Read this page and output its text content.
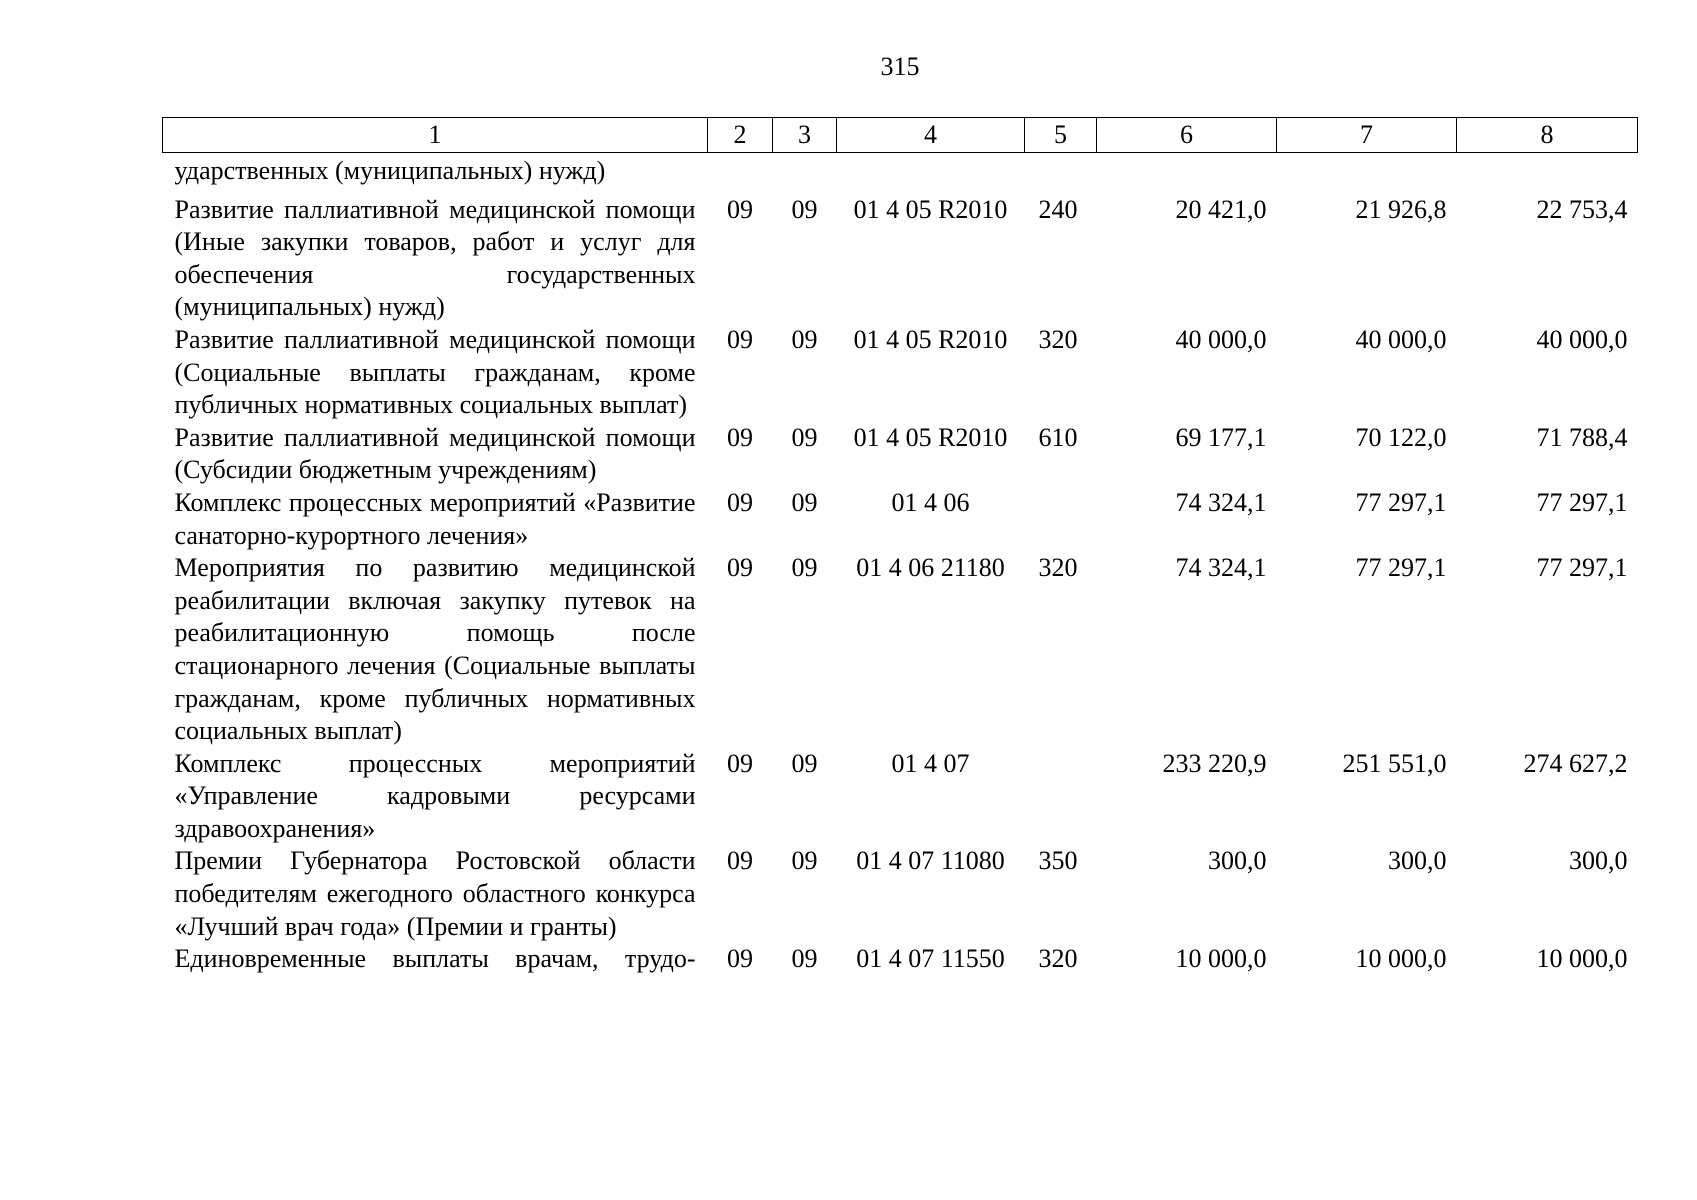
315
1	2	3	4	5	6	7	8
ударственных (муниципальных) нужд)							
Развитие паллиативной медицинской помощи (Иные закупки товаров, работ и услуг для обеспечения государственных (муниципальных) нужд)	09	09	01 4 05 R2010	240	20 421,0	21 926,8	22 753,4
Развитие паллиативной медицинской помощи (Социальные выплаты гражданам, кроме публичных нормативных социальных выплат)	09	09	01 4 05 R2010	320	40 000,0	40 000,0	40 000,0
Развитие паллиативной медицинской помощи (Субсидии бюджетным учреждениям)	09	09	01 4 05 R2010	610	69 177,1	70 122,0	71 788,4
Комплекс процессных мероприятий «Развитие санаторно-курортного лечения»	09	09	01 4 06		74 324,1	77 297,1	77 297,1
Мероприятия по развитию медицинской реабилитации включая закупку путевок на реабилитационную помощь после стационарного лечения (Социальные выплаты гражданам, кроме публичных нормативных социальных выплат)	09	09	01 4 06 21180	320	74 324,1	77 297,1	77 297,1
Комплекс процессных мероприятий «Управление кадровыми ресурсами здравоохранения»	09	09	01 4 07		233 220,9	251 551,0	274 627,2
Премии Губернатора Ростовской области победителям ежегодного областного конкурса «Лучший врач года» (Премии и гранты)	09	09	01 4 07 11080	350	300,0	300,0	300,0
Единовременные выплаты врачам, трудо-	09	09	01 4 07 11550	320	10 000,0	10 000,0	10 000,0
